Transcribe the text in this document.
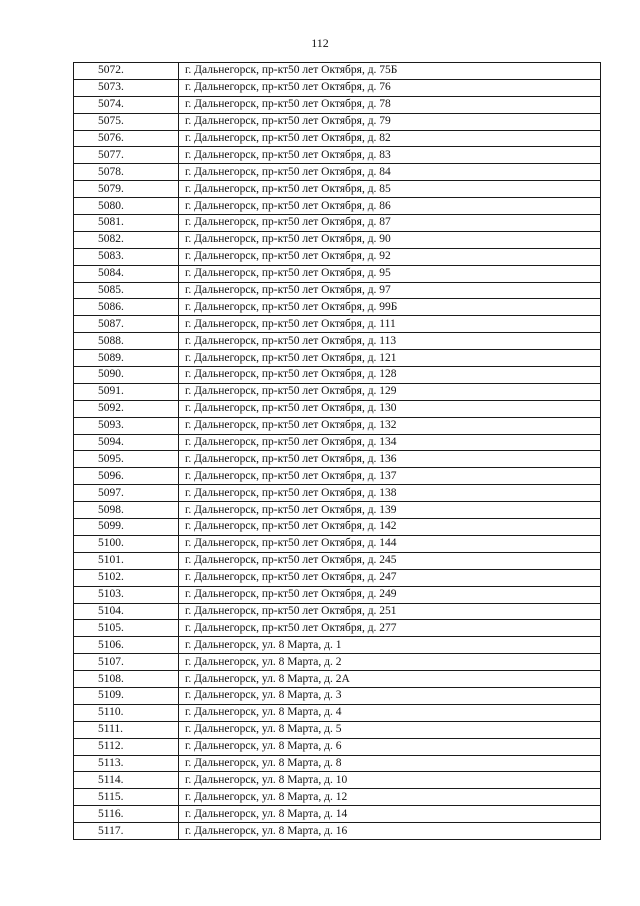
112
5072.	г. Дальнегорск, пр-кт50 лет Октября, д. 75Б
5073.	г. Дальнегорск, пр-кт50 лет Октября, д. 76
5074.	г. Дальнегорск, пр-кт50 лет Октября, д. 78
5075.	г. Дальнегорск, пр-кт50 лет Октября, д. 79
5076.	г. Дальнегорск, пр-кт50 лет Октября, д. 82
5077.	г. Дальнегорск, пр-кт50 лет Октября, д. 83
5078.	г. Дальнегорск, пр-кт50 лет Октября, д. 84
5079.	г. Дальнегорск, пр-кт50 лет Октября, д. 85
5080.	г. Дальнегорск, пр-кт50 лет Октября, д. 86
5081.	г. Дальнегорск, пр-кт50 лет Октября, д. 87
5082.	г. Дальнегорск, пр-кт50 лет Октября, д. 90
5083.	г. Дальнегорск, пр-кт50 лет Октября, д. 92
5084.	г. Дальнегорск, пр-кт50 лет Октября, д. 95
5085.	г. Дальнегорск, пр-кт50 лет Октября, д. 97
5086.	г. Дальнегорск, пр-кт50 лет Октября, д. 99Б
5087.	г. Дальнегорск, пр-кт50 лет Октября, д. 111
5088.	г. Дальнегорск, пр-кт50 лет Октября, д. 113
5089.	г. Дальнегорск, пр-кт50 лет Октября, д. 121
5090.	г. Дальнегорск, пр-кт50 лет Октября, д. 128
5091.	г. Дальнегорск, пр-кт50 лет Октября, д. 129
5092.	г. Дальнегорск, пр-кт50 лет Октября, д. 130
5093.	г. Дальнегорск, пр-кт50 лет Октября, д. 132
5094.	г. Дальнегорск, пр-кт50 лет Октября, д. 134
5095.	г. Дальнегорск, пр-кт50 лет Октября, д. 136
5096.	г. Дальнегорск, пр-кт50 лет Октября, д. 137
5097.	г. Дальнегорск, пр-кт50 лет Октября, д. 138
5098.	г. Дальнегорск, пр-кт50 лет Октября, д. 139
5099.	г. Дальнегорск, пр-кт50 лет Октября, д. 142
5100.	г. Дальнегорск, пр-кт50 лет Октября, д. 144
5101.	г. Дальнегорск, пр-кт50 лет Октября, д. 245
5102.	г. Дальнегорск, пр-кт50 лет Октября, д. 247
5103.	г. Дальнегорск, пр-кт50 лет Октября, д. 249
5104.	г. Дальнегорск, пр-кт50 лет Октября, д. 251
5105.	г. Дальнегорск, пр-кт50 лет Октября, д. 277
5106.	г. Дальнегорск, ул. 8 Марта, д. 1
5107.	г. Дальнегорск, ул. 8 Марта, д. 2
5108.	г. Дальнегорск, ул. 8 Марта, д. 2А
5109.	г. Дальнегорск, ул. 8 Марта, д. 3
5110.	г. Дальнегорск, ул. 8 Марта, д. 4
5111.	г. Дальнегорск, ул. 8 Марта, д. 5
5112.	г. Дальнегорск, ул. 8 Марта, д. 6
5113.	г. Дальнегорск, ул. 8 Марта, д. 8
5114.	г. Дальнегорск, ул. 8 Марта, д. 10
5115.	г. Дальнегорск, ул. 8 Марта, д. 12
5116.	г. Дальнегорск, ул. 8 Марта, д. 14
5117.	г. Дальнегорск, ул. 8 Марта, д. 16
